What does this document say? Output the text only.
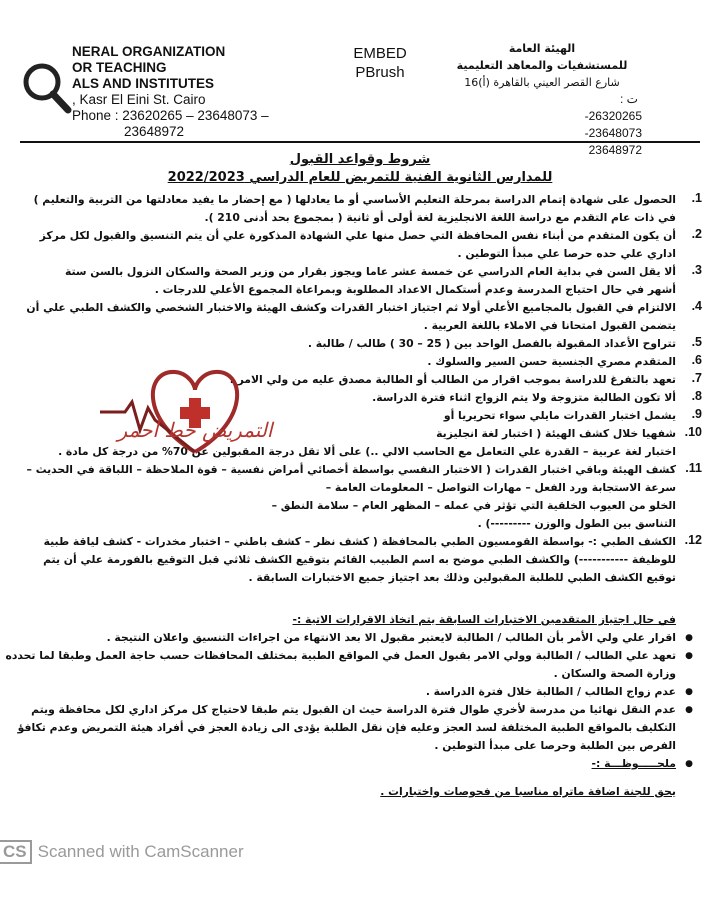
NERAL ORGANIZATION
OR TEACHING
ALS AND INSTITUTES
, Kasr El Eini St. Cairo
Phone : 23620265 – 23648073 –
23648972
EMBED
PBrush
الهيئة العامة
للمستشفيات والمعاهد التعليمية
شارع القصر العيني بالقاهرة (أ)16
ت : 26320265- 23648073- 23648972
شروط وقواعد القبول
للمدارس الثانوية الفنية للتمريض للعام الدراسي 2022/2023
1.
الحصول على شهادة إتمام الدراسة بمرحلة التعليم الأساسي أو ما يعادلها ( مع إحضار ما يفيد معادلتها من التربية والتعليم )
في ذات عام التقدم مع دراسة اللغة الانجليزية لغة أولى أو ثانية ( بمجموع بحد أدنى 210 ).
2.
أن يكون المتقدم من أبناء نفس المحافظة التي حصل منها علي الشهادة المذكورة علي أن يتم التنسيق والقبول لكل مركز
اداري علي حده حرصا علي مبدأ التوطين .
3.
ألا يقل السن في بداية العام الدراسي عن خمسة عشر عاما ويجوز بقرار من وزير الصحة والسكان النزول بالسن ستة
أشهر في حال احتياج المدرسة وعدم أستكمال الاعداد المطلوبة وبمراعاة المجموع الأعلي للدرجات .
4.
الالتزام في القبول بالمجاميع الأعلي أولا ثم اجتياز اختبار القدرات وكشف الهيئة والاختبار الشخصي والكشف الطبي علي أن
يتضمن القبول امتحانا في الاملاء باللغة العربية .
5.
تتراوح الأعداد المقبولة بالفصل الواحد بين ( 25 – 30 ) طالب / طالبة .
6.
المتقدم مصري الجنسية حسن السير والسلوك .
7.
تعهد بالتفرغ للدراسة بموجب اقرار من الطالب أو الطالبة مصدق عليه من ولي الامر .
8.
ألا تكون الطالبة متزوجة ولا يتم الزواج اثناء فترة الدراسة.
9.
يشمل اختبار القدرات مايلي سواء تحريريا أو
10.
شفهيا خلال كشف الهيئة ( اختبار لغة انجليزية
اختبار لغة عربية – القدرة علي التعامل مع الحاسب الالي ..) على ألا تقل درجة المقبولين عن 70% من درجة كل مادة .
11.
كشف الهيئة وباقي اختبار القدرات ( الاختبار النفسي بواسطة أخصائي أمراض نفسية – قوة الملاحظة – اللباقة في الحديث –
سرعة الاستجابة ورد الفعل – مهارات التواصل – المعلومات العامة –
الخلو من العيوب الخلقية التي تؤثر في عمله – المظهر العام – سلامة النطق –
التناسق بين الطول والوزن ---------) .
12.
الكشف الطبي :- بواسطة القومسيون الطبي بالمحافظة ( كشف نظر – كشف باطني – اختبار مخدرات - كشف لياقة طبية
للوظيفة -----------) والكشف الطبي موضح به اسم الطبيب القائم بتوقيع الكشف ثلاثي قبل التوقيع بالفورمة علي أن يتم
توقيع الكشف الطبي للطلبة المقبولين وذلك بعد اجتياز جميع الاختبارات السابقة .
التمريض خط أحمر
في حال اجتياز المتقدمين الاختبارات السابقة يتم اتخاذ الاقرارات الاتية :-
●
اقرار علي ولي الأمر بأن الطالب / الطالبة لايعتبر مقبول الا بعد الانتهاء من اجراءات التنسيق واعلان النتيجة .
●
تعهد علي الطالب / الطالبة وولي الامر بقبول العمل في المواقع الطبية بمختلف المحافظات حسب حاجة العمل وطبقا لما تحدده
وزارة الصحة والسكان .
●
عدم زواج الطالب / الطالبة خلال فترة الدراسة .
●
عدم النقل نهائيا من مدرسة لأخري طوال فترة الدراسة حيث ان القبول يتم طبقا لاحتياج كل مركز اداري لكل محافظة ويتم
التكليف بالمواقع الطبية المختلفة لسد العجز وعليه فإن نقل الطلبة يؤدى الى زيادة العجز في أفراد هيئة التمريض وعدم تكافؤ
الفرص بين الطلبة وحرصا على مبدأ التوطين .
●
ملحـــــوظـــة :-
يحق للجنة اضافة ماتراه مناسبا من فحوصات واختبارات .
CS Scanned with CamScanner
